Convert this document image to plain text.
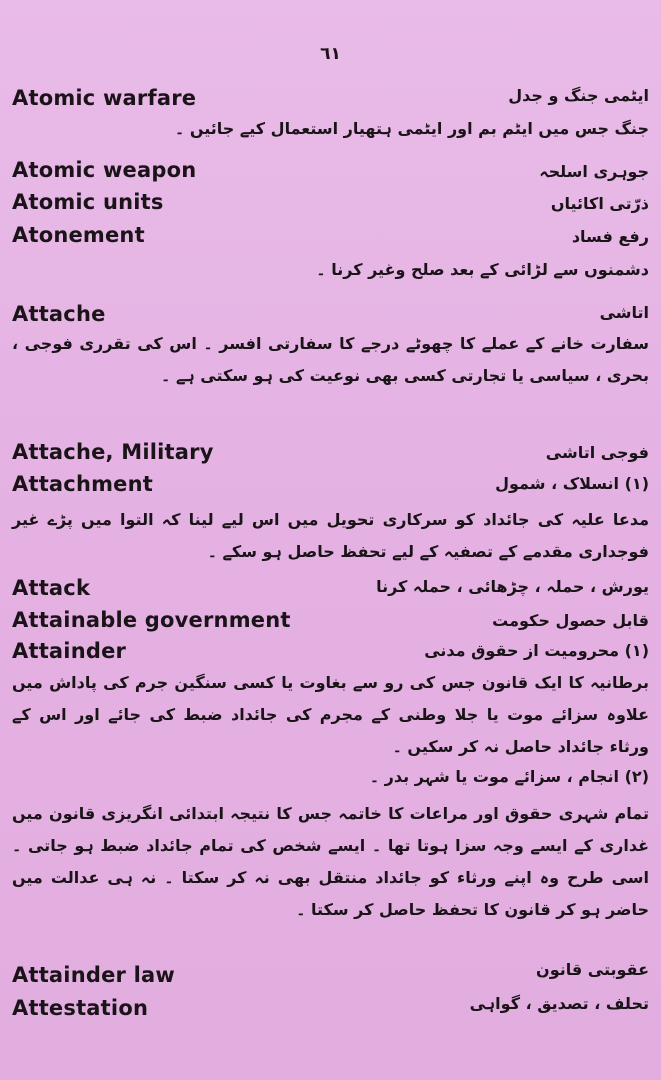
٦١
Atomic warfare	ایٹمی جنگ و جدل
جنگ جس میں ایٹم بم اور ایٹمی ہتھیار استعمال کیے جائیں ۔
Atomic weapon	جوہری اسلحہ
Atomic units	ذرّتی اکائیاں
Atonement	رفع فساد
دشمنوں سے لڑائی کے بعد صلح وغیر کرنا ۔
Attache	اتاشی
سفارت خانے کے عملے کا چھوٹے درجے کا سفارتی افسر ۔ اس کی تقرری فوجی ، بحری ، سیاسی یا تجارتی کسی بھی نوعیت کی ہو سکتی ہے ۔
Attache, Military	فوجی اتاشی
Attachment	(۱) انسلاک ، شمول
مدعا علیہ کی جائداد کو سرکاری تحویل میں اس لیے لینا کہ التوا میں پڑے غیر فوجداری مقدمے کے تصفیہ کے لیے تحفظ حاصل ہو سکے ۔
Attack	یورش ، حملہ ، چڑھائی ، حملہ کرنا
Attainable government	قابل حصول حکومت
Attainder	(۱) محرومیت از حقوق مدنی
برطانیہ کا ایک قانون جس کی رو سے بغاوت یا کسی سنگین جرم کی پاداش میں علاوہ سزائے موت یا جلا وطنی کے مجرم کی جائداد ضبط کی جائے اور اس کے ورثاء جائداد حاصل نہ کر سکیں ۔
(۲) انجام ، سزائے موت یا شہر بدر ۔
تمام شہری حقوق اور مراعات کا خاتمہ جس کا نتیجہ ابتدائی انگریزی قانون میں غداری کے ایسے وجہ سزا ہوتا تھا ۔ ایسے شخص کی تمام جائداد ضبط ہو جاتی ۔ اسی طرح وہ اپنے ورثاء کو جائداد منتقل بھی نہ کر سکتا ۔ نہ ہی عدالت میں حاضر ہو کر قانون کا تحفظ حاصل کر سکتا ۔
Attainder law	عقوبتی قانون
Attestation	تحلف ، تصدیق ، گواہی
